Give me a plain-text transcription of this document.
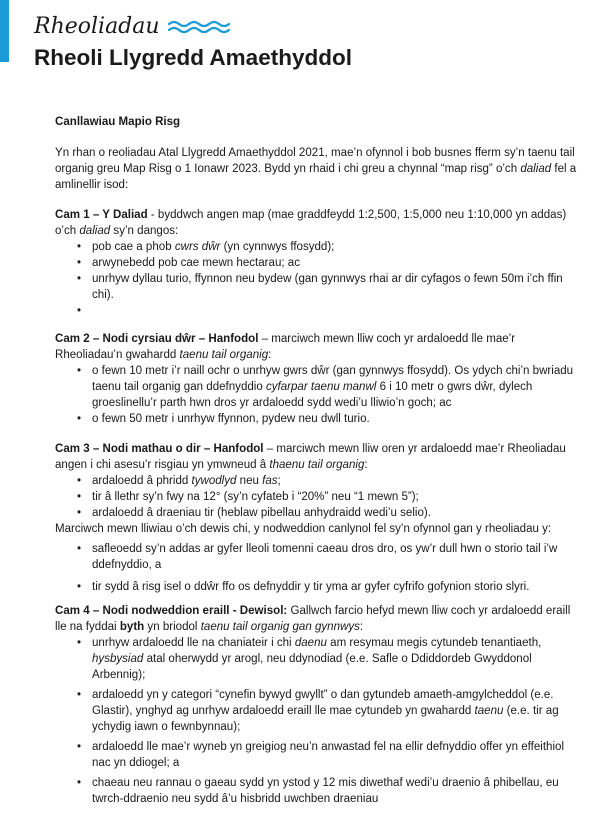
Rheoliadau
Rheoli Llygredd Amaethyddol

Canllawiau Mapio Risg

Yn rhan o reoliadau Atal Llygredd Amaethyddol 2021, mae’n ofynnol i bob busnes fferm sy’n taenu tail organig greu Map Risg o 1 Ionawr 2023. Bydd yn rhaid i chi greu a chynnal “map risg” o’ch daliad fel a amlinellir isod:

Cam 1 – Y Daliad - byddwch angen map (mae graddfeydd 1:2,500, 1:5,000 neu 1:10,000 yn addas) o’ch daliad sy’n dangos:

• pob cae a phob cwrs dŵr (yn cynnwys ffosydd);
• arwynebedd pob cae mewn hectarau; ac
• unrhyw dyllau turio, ffynnon neu bydew (gan gynnwys rhai ar dir cyfagos o fewn 50m i’ch ffin chi).
•

Cam 2 – Nodi cyrsiau dŵr – Hanfodol – marciwch mewn lliw coch yr ardaloedd lle mae’r Rheoliadau’n gwahardd taenu tail organig:

• o fewn 10 metr i’r naill ochr o unrhyw gwrs dŵr (gan gynnwys ffosydd). Os ydych chi’n bwriadu taenu tail organig gan ddefnyddio cyfarpar taenu manwl 6 i 10 metr o gwrs dŵr, dylech groeslinellu’r parth hwn dros yr ardaloedd sydd wedi’u lliwio’n goch; ac
• o fewn 50 metr i unrhyw ffynnon, pydew neu dwll turio.

Cam 3 – Nodi mathau o dir – Hanfodol – marciwch mewn lliw oren yr ardaloedd mae’r Rheoliadau angen i chi asesu’r risgiau yn ymwneud â thaenu tail organig:

• ardaloedd â phridd tywodlyd neu fas;
• tir â llethr sy’n fwy na 12° (sy’n cyfateb i “20%” neu “1 mewn 5”);
• ardaloedd â draeniau tir (heblaw pibellau anhydraidd wedi’u selio).

Marciwch mewn lliwiau o’ch dewis chi, y nodweddion canlynol fel sy’n ofynnol gan y rheoliadau y:

• safleoedd sy’n addas ar gyfer lleoli tomenni caeau dros dro, os yw’r dull hwn o storio tail i’w ddefnyddio, a
• tir sydd â risg isel o ddŵr ffo os defnyddir y tir yma ar gyfer cyfrifo gofynion storio slyri.

Cam 4 – Nodi nodweddion eraill - Dewisol: Gallwch farcio hefyd mewn lliw coch yr ardaloedd eraill lle na fyddai byth yn briodol taenu tail organig gan gynnwys:

• unrhyw ardaloedd lle na chaniateir i chi daenu am resymau megis cytundeb tenantiaeth, hysbysiad atal oherwydd yr arogl, neu ddynodiad (e.e. Safle o Ddiddordeb Gwyddonol Arbennig);
• ardaloedd yn y categori “cynefin bywyd gwyllt” o dan gytundeb amaeth-amgylcheddol (e.e. Glastir), ynghyd ag unrhyw ardaloedd eraill lle mae cytundeb yn gwahardd taenu (e.e. tir ag ychydig iawn o fewnbynnau);
• ardaloedd lle mae’r wyneb yn greigiog neu’n anwastad fel na ellir defnyddio offer yn effeithiol nac yn ddiogel; a
• chaeau neu rannau o gaeau sydd yn ystod y 12 mis diwethaf wedi’u draenio â phibellau, eu twrch-ddraenio neu sydd â’u hisbridd uwchben draeniau
